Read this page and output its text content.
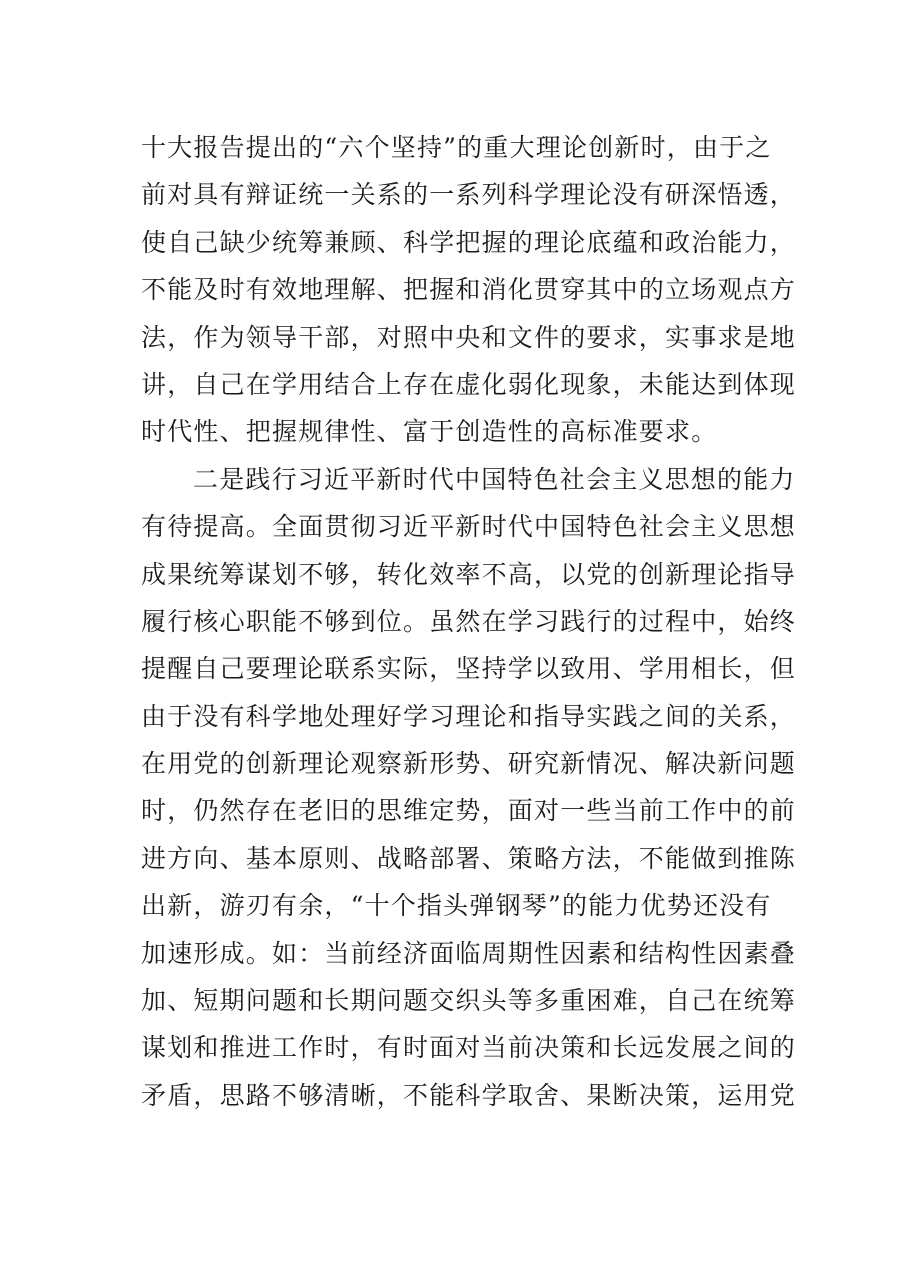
十大报告提出的“六个坚持”的重大理论创新时，由于之
前对具有辩证统一关系的一系列科学理论没有研深悟透，
使自己缺少统筹兼顾、科学把握的理论底蕴和政治能力，
不能及时有效地理解、把握和消化贯穿其中的立场观点方
法，作为领导干部，对照中央和文件的要求，实事求是地
讲，自己在学用结合上存在虚化弱化现象，未能达到体现
时代性、把握规律性、富于创造性的高标准要求。
二是践行习近平新时代中国特色社会主义思想的能力
有待提高。全面贯彻习近平新时代中国特色社会主义思想
成果统筹谋划不够，转化效率不高，以党的创新理论指导
履行核心职能不够到位。虽然在学习践行的过程中，始终
提醒自己要理论联系实际，坚持学以致用、学用相长，但
由于没有科学地处理好学习理论和指导实践之间的关系，
在用党的创新理论观察新形势、研究新情况、解决新问题
时，仍然存在老旧的思维定势，面对一些当前工作中的前
进方向、基本原则、战略部署、策略方法，不能做到推陈
出新，游刃有余，“十个指头弹钢琴”的能力优势还没有
加速形成。如：当前经济面临周期性因素和结构性因素叠
加、短期问题和长期问题交织头等多重困难，自己在统筹
谋划和推进工作时，有时面对当前决策和长远发展之间的
矛盾，思路不够清晰，不能科学取舍、果断决策，运用党
